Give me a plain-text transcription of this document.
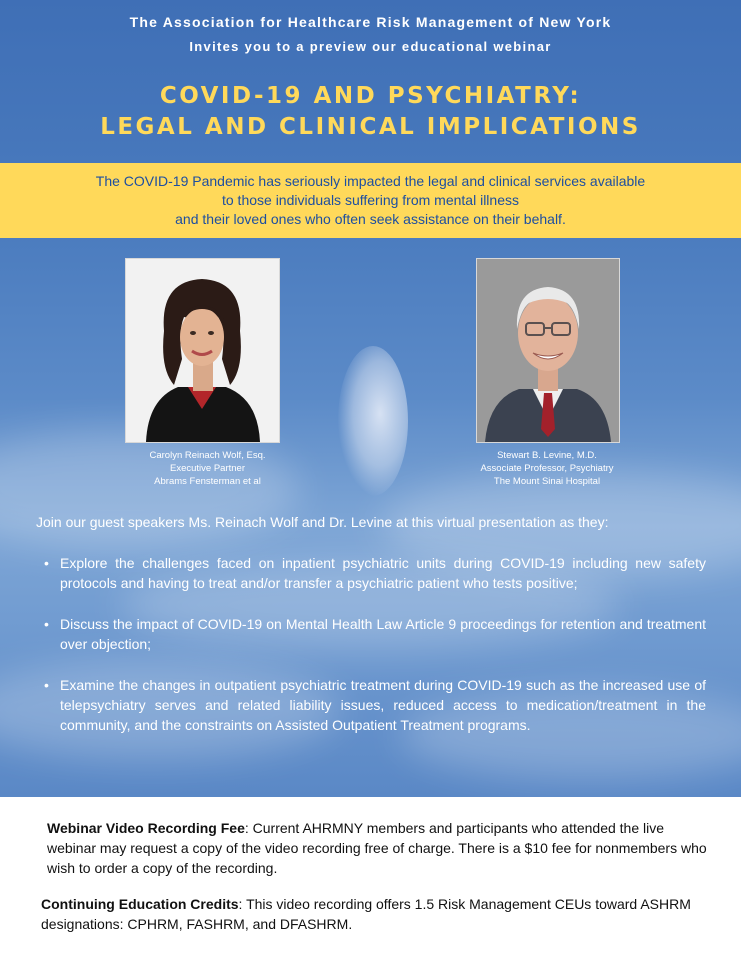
The Association for Healthcare Risk Management of New York
Invites you to a preview our educational webinar
COVID-19 AND PSYCHIATRY:
LEGAL AND CLINICAL IMPLICATIONS
The COVID-19 Pandemic has seriously impacted the legal and clinical services available
to those individuals suffering from mental illness
and their loved ones who often seek assistance on their behalf.
Carolyn Reinach Wolf, Esq.
Executive Partner
Abrams Fensterman et al
Stewart B. Levine, M.D.
Associate Professor, Psychiatry
The Mount Sinai Hospital
Join our guest speakers Ms. Reinach Wolf and Dr. Levine at this virtual presentation as they:
• Explore the challenges faced on inpatient psychiatric units during COVID-19 including new safety protocols and having to treat and/or transfer a psychiatric patient who tests positive;
• Discuss the impact of COVID-19 on Mental Health Law Article 9 proceedings for retention and treatment over objection;
• Examine the changes in outpatient psychiatric treatment during COVID-19 such as the increased use of telepsychiatry serves and related liability issues, reduced access to medication/treatment in the community, and the constraints on Assisted Outpatient Treatment programs.
Webinar Video Recording Fee: Current AHRMNY members and participants who attended the live webinar may request a copy of the video recording free of charge. There is a $10 fee for nonmembers who wish to order a copy of the recording.
Continuing Education Credits: This video recording offers 1.5 Risk Management CEUs toward ASHRM designations: CPHRM, FASHRM, and DFASHRM.
